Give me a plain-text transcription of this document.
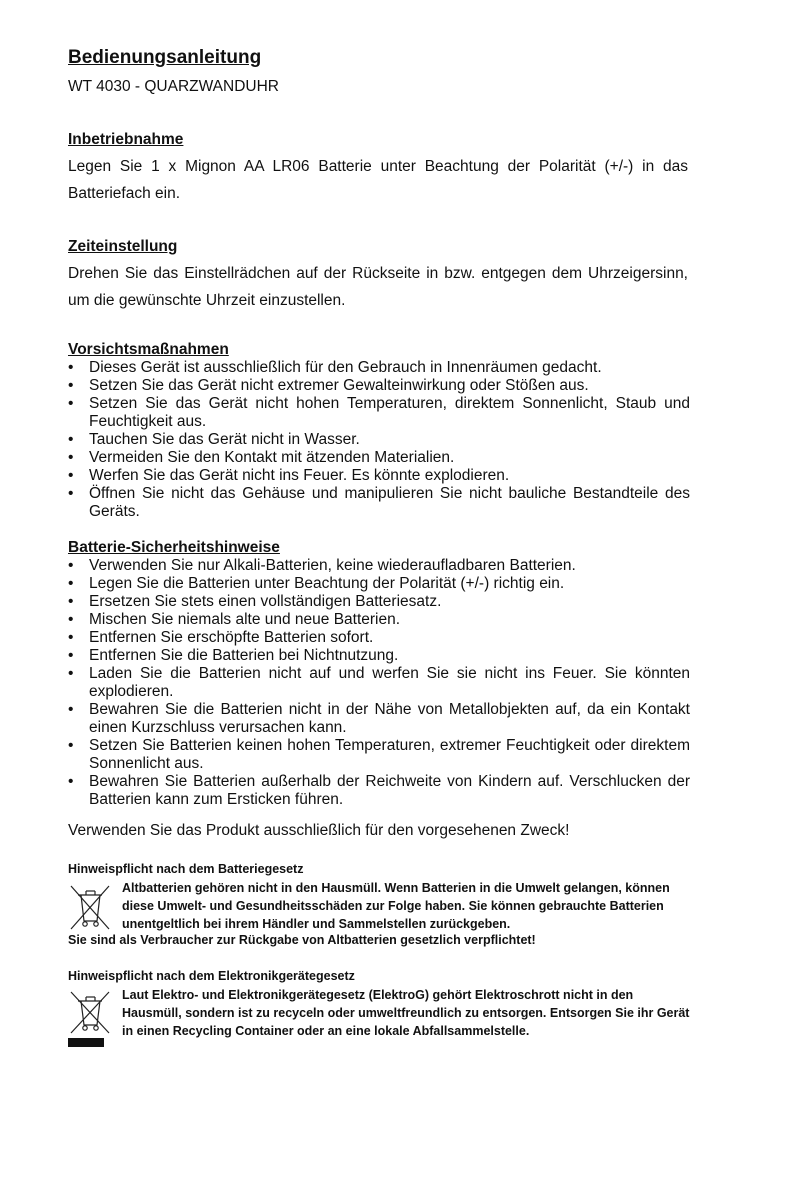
Bedienungsanleitung
WT 4030 - QUARZWANDUHR
Inbetriebnahme
Legen Sie 1 x Mignon AA LR06 Batterie unter Beachtung der Polarität (+/-) in das Batteriefach ein.
Zeiteinstellung
Drehen Sie das Einstellrädchen auf der Rückseite in bzw. entgegen dem Uhrzeigersinn, um die gewünschte Uhrzeit einzustellen.
Vorsichtsmaßnahmen
• Dieses Gerät ist ausschließlich für den Gebrauch in Innenräumen gedacht.
• Setzen Sie das Gerät nicht extremer Gewalteinwirkung oder Stößen aus.
• Setzen Sie das Gerät nicht hohen Temperaturen, direktem Sonnenlicht, Staub und Feuchtigkeit aus.
• Tauchen Sie das Gerät nicht in Wasser.
• Vermeiden Sie den Kontakt mit ätzenden Materialien.
• Werfen Sie das Gerät nicht ins Feuer. Es könnte explodieren.
• Öffnen Sie nicht das Gehäuse und manipulieren Sie nicht bauliche Bestandteile des Geräts.
Batterie-Sicherheitshinweise
• Verwenden Sie nur Alkali-Batterien, keine wiederaufladbaren Batterien.
• Legen Sie die Batterien unter Beachtung der Polarität (+/-) richtig ein.
• Ersetzen Sie stets einen vollständigen Batteriesatz.
• Mischen Sie niemals alte und neue Batterien.
• Entfernen Sie erschöpfte Batterien sofort.
• Entfernen Sie die Batterien bei Nichtnutzung.
• Laden Sie die Batterien nicht auf und werfen Sie sie nicht ins Feuer. Sie könnten explodieren.
• Bewahren Sie die Batterien nicht in der Nähe von Metallobjekten auf, da ein Kontakt einen Kurzschluss verursachen kann.
• Setzen Sie Batterien keinen hohen Temperaturen, extremer Feuchtigkeit oder direktem Sonnenlicht aus.
• Bewahren Sie Batterien außerhalb der Reichweite von Kindern auf. Verschlucken der Batterien kann zum Ersticken führen.
Verwenden Sie das Produkt ausschließlich für den vorgesehenen Zweck!
Hinweispflicht nach dem Batteriegesetz
Altbatterien gehören nicht in den Hausmüll. Wenn Batterien in die Umwelt gelangen, können diese Umwelt- und Gesundheitsschäden zur Folge haben. Sie können gebrauchte Batterien unentgeltlich bei ihrem Händler und Sammelstellen zurückgeben.
Sie sind als Verbraucher zur Rückgabe von Altbatterien gesetzlich verpflichtet!
Hinweispflicht nach dem Elektronikgerätegesetz
Laut Elektro- und Elektronikgerätegesetz (ElektroG) gehört Elektroschrott nicht in den Hausmüll, sondern ist zu recyceln oder umweltfreundlich zu entsorgen. Entsorgen Sie ihr Gerät in einen Recycling Container oder an eine lokale Abfallsammelstelle.
